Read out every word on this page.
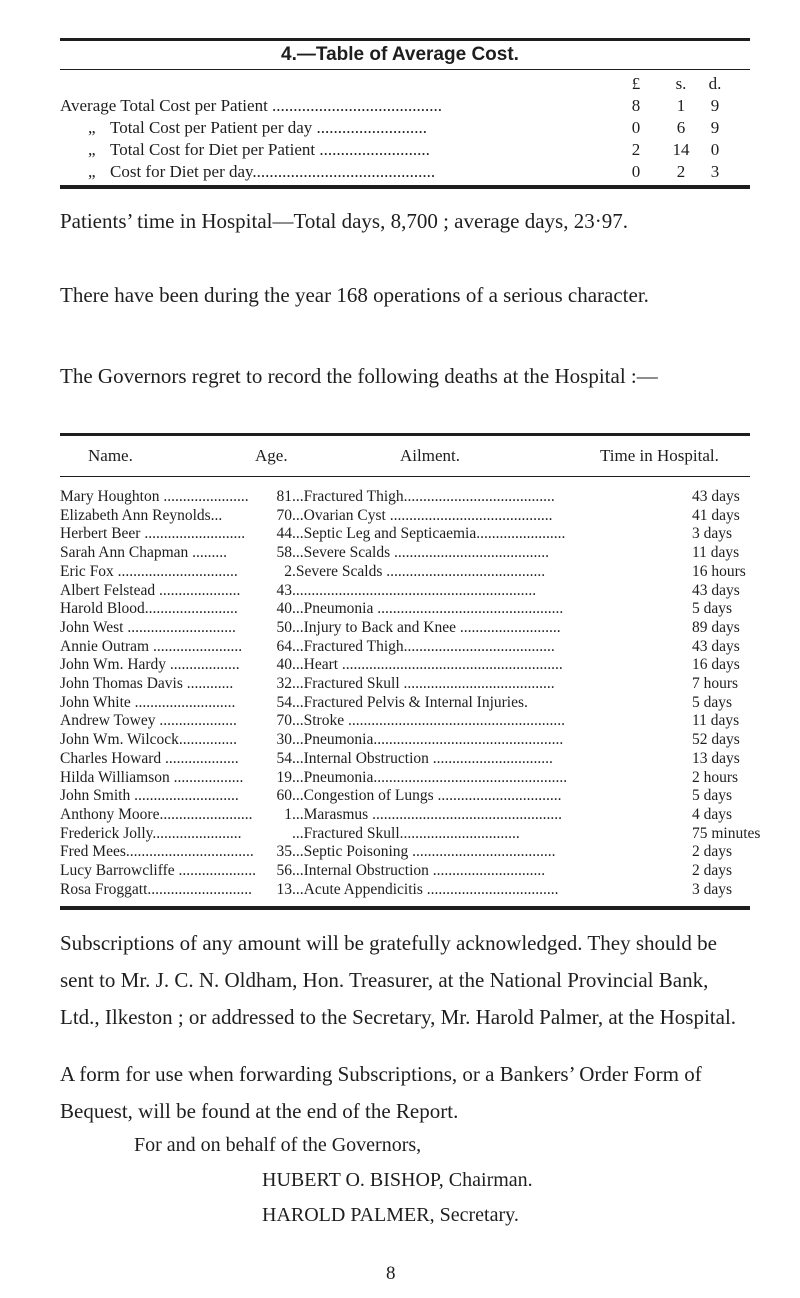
4.—Table of Average Cost.
£	s.	d.
Average Total Cost per Patient ........................................	8	1	9
„ Total Cost per Patient per day ..........................	0	6	9
„ Total Cost for Diet per Patient ..........................	2 14	0
„ Cost for Diet per day...........................................	0	2	3
Patients’ time in Hospital—Total days, 8,700 ; average days, 23·97.
There have been during the year 168 operations of a serious character.
The Governors regret to record the following deaths at the Hospital :—
Name.	Age.	Ailment.	Time in Hospital.
Mary Houghton ......................	81 ...Fractured Thigh.......................................	43 days
Elizabeth Ann Reynolds...	70 ...Ovarian Cyst ..........................................	41 days
Herbert Beer ..........................	44 ...Septic Leg and Septicaemia.......................	3 days
Sarah Ann Chapman .........	58 ...Severe Scalds ........................................	11 days
Eric Fox ...............................	2 .Severe Scalds .........................................	16 hours
Albert Felstead .....................	43 ...............................................................	43 days
Harold Blood........................	40 ...Pneumonia ................................................	5 days
John West ............................	50 ...Injury to Back and Knee ..........................	89 days
Annie Outram .......................	64 ...Fractured Thigh.......................................	43 days
John Wm. Hardy ..................	40 ...Heart .........................................................	16 days
John Thomas Davis ............	32 ...Fractured Skull .......................................	7 hours
John White ..........................	54 ...Fractured Pelvis & Internal Injuries.	5 days
Andrew Towey ....................	70 ...Stroke ........................................................	11 days
John Wm. Wilcock...............	30 ...Pneumonia.................................................	52 days
Charles Howard ...................	54 ...Internal Obstruction ...............................	13 days
Hilda Williamson ..................	19 ...Pneumonia..................................................	2 hours
John Smith ...........................	60 ...Congestion of Lungs ................................	5 days
Anthony Moore........................	1 ...Marasmus .................................................	4 days
Frederick Jolly.......................	...Fractured Skull...............................	75 minutes
Fred Mees.................................	35 ...Septic Poisoning .....................................	2 days
Lucy Barrowcliffe ....................	56 ...Internal Obstruction .............................	2 days
Rosa Froggatt...........................	13 ...Acute Appendicitis ..................................	3 days
Subscriptions of any amount will be gratefully acknowledged. They should be sent to Mr. J. C. N. Oldham, Hon. Treasurer, at the National Provincial Bank, Ltd., Ilkeston ; or addressed to the Secretary, Mr. Harold Palmer, at the Hospital.
A form for use when forwarding Subscriptions, or a Bankers’ Order Form of Bequest, will be found at the end of the Report.
For and on behalf of the Governors,
HUBERT O. BISHOP, Chairman.
HAROLD PALMER, Secretary.
8
